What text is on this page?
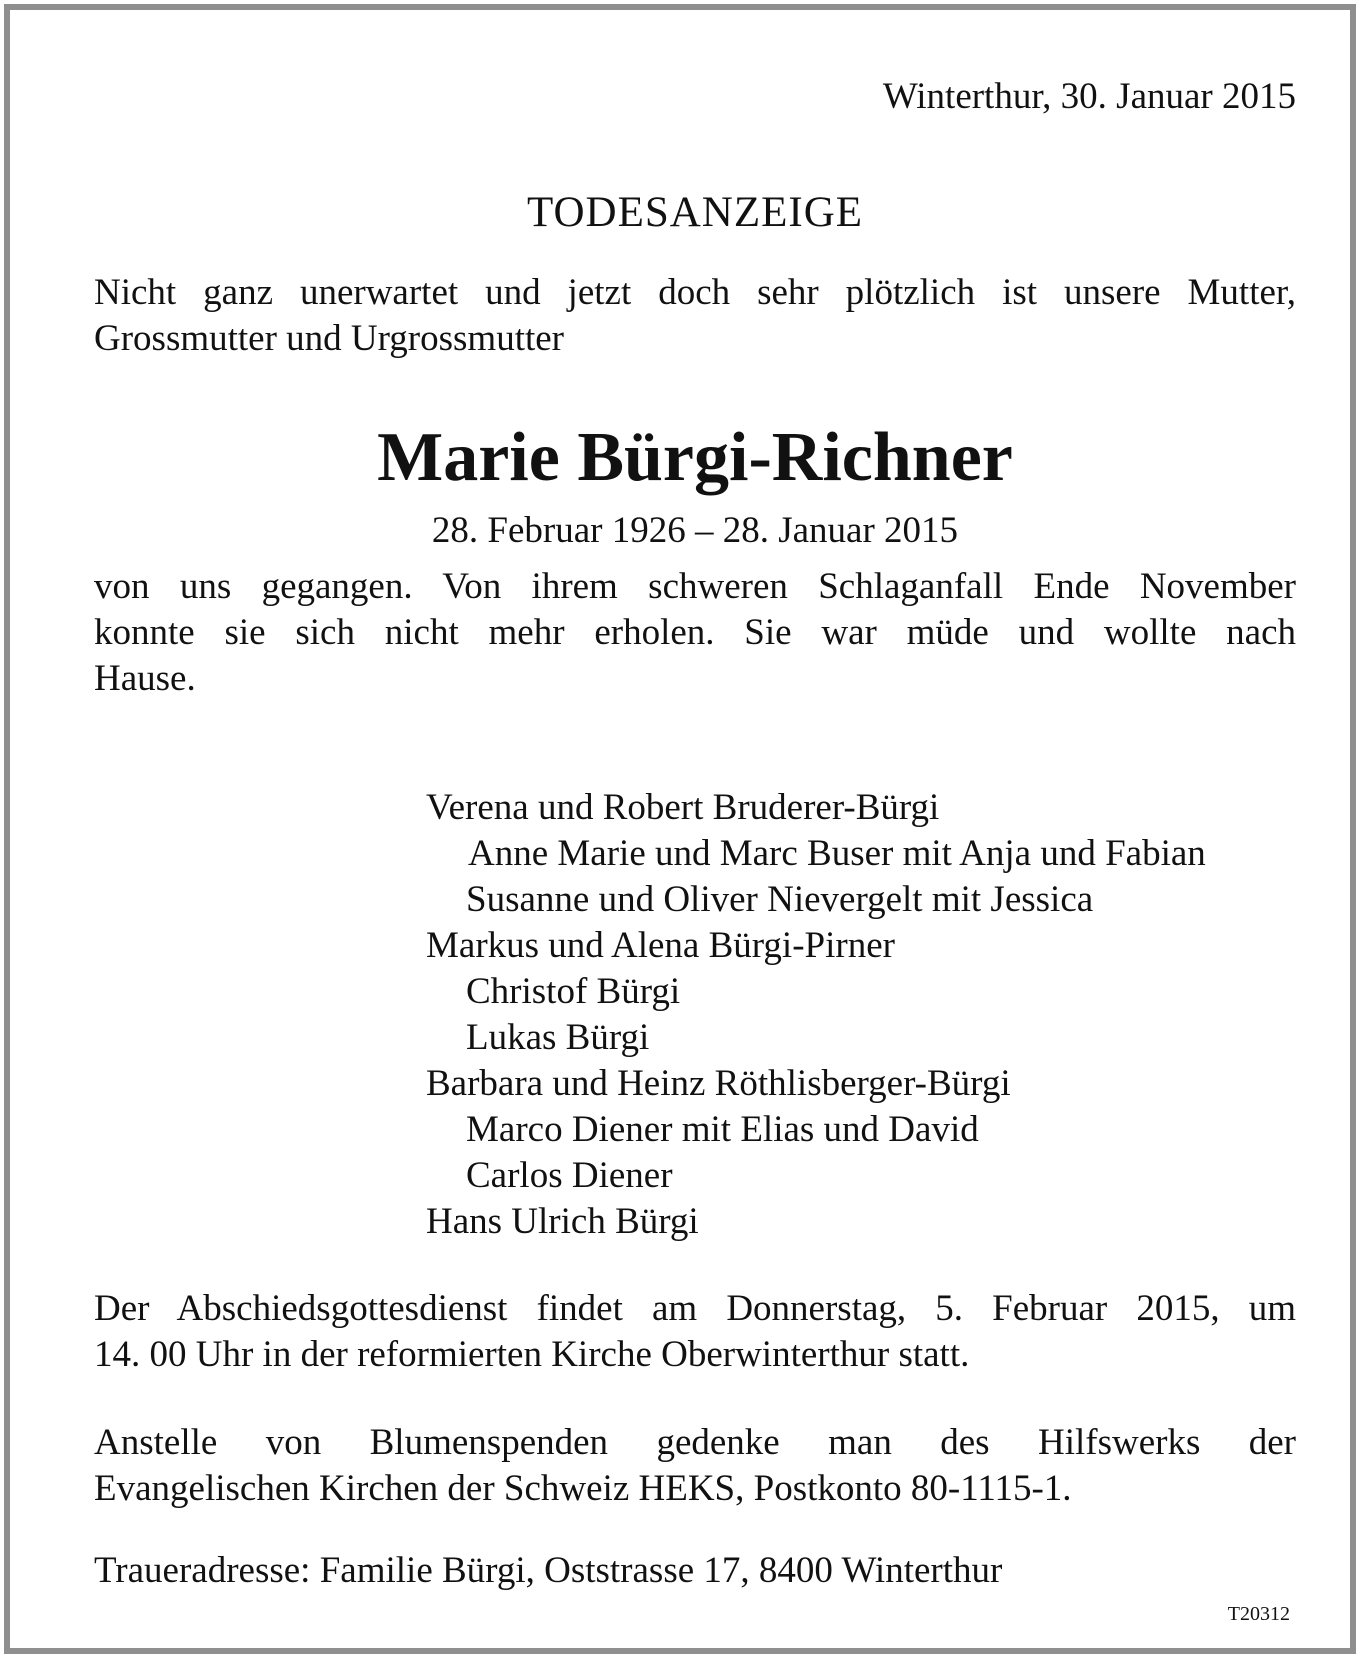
Winterthur, 30. Januar 2015
TODESANZEIGE
Nicht ganz unerwartet und jetzt doch sehr plötzlich ist unsere Mutter,
Grossmutter und Urgrossmutter
Marie Bürgi-Richner
28. Februar 1926 – 28. Januar 2015
von uns gegangen. Von ihrem schweren Schlaganfall Ende November
konnte sie sich nicht mehr erholen. Sie war müde und wollte nach
Hause.
Verena und Robert Bruderer-Bürgi
Anne Marie und Marc Buser mit Anja und Fabian
Susanne und Oliver Nievergelt mit Jessica
Markus und Alena Bürgi-Pirner
Christof Bürgi
Lukas Bürgi
Barbara und Heinz Röthlisberger-Bürgi
Marco Diener mit Elias und David
Carlos Diener
Hans Ulrich Bürgi
Der Abschiedsgottesdienst findet am Donnerstag, 5. Februar 2015, um
14. 00 Uhr in der reformierten Kirche Oberwinterthur statt.
Anstelle von Blumenspenden gedenke man des Hilfswerks der
Evangelischen Kirchen der Schweiz HEKS, Postkonto 80-1115-1.
Traueradresse: Familie Bürgi, Oststrasse 17, 8400 Winterthur
T20312
